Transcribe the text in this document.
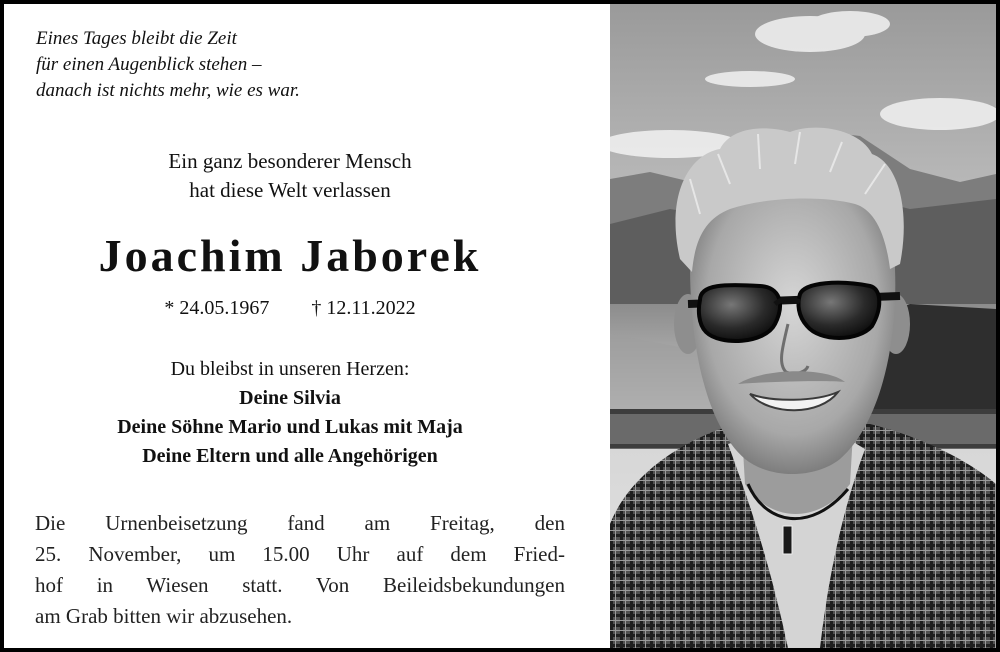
Eines Tages bleibt die Zeit
für einen Augenblick stehen –
danach ist nichts mehr, wie es war.
Ein ganz besonderer Mensch
hat diese Welt verlassen
Joachim Jaborek
* 24.05.1967 † 12.11.2022
Du bleibst in unseren Herzen:
Deine Silvia
Deine Söhne Mario und Lukas mit Maja
Deine Eltern und alle Angehörigen
Die Urnenbeisetzung fand am Freitag, den
25. November, um 15.00 Uhr auf dem Fried-
hof in Wiesen statt. Von Beileidsbekundungen
am Grab bitten wir abzusehen.
